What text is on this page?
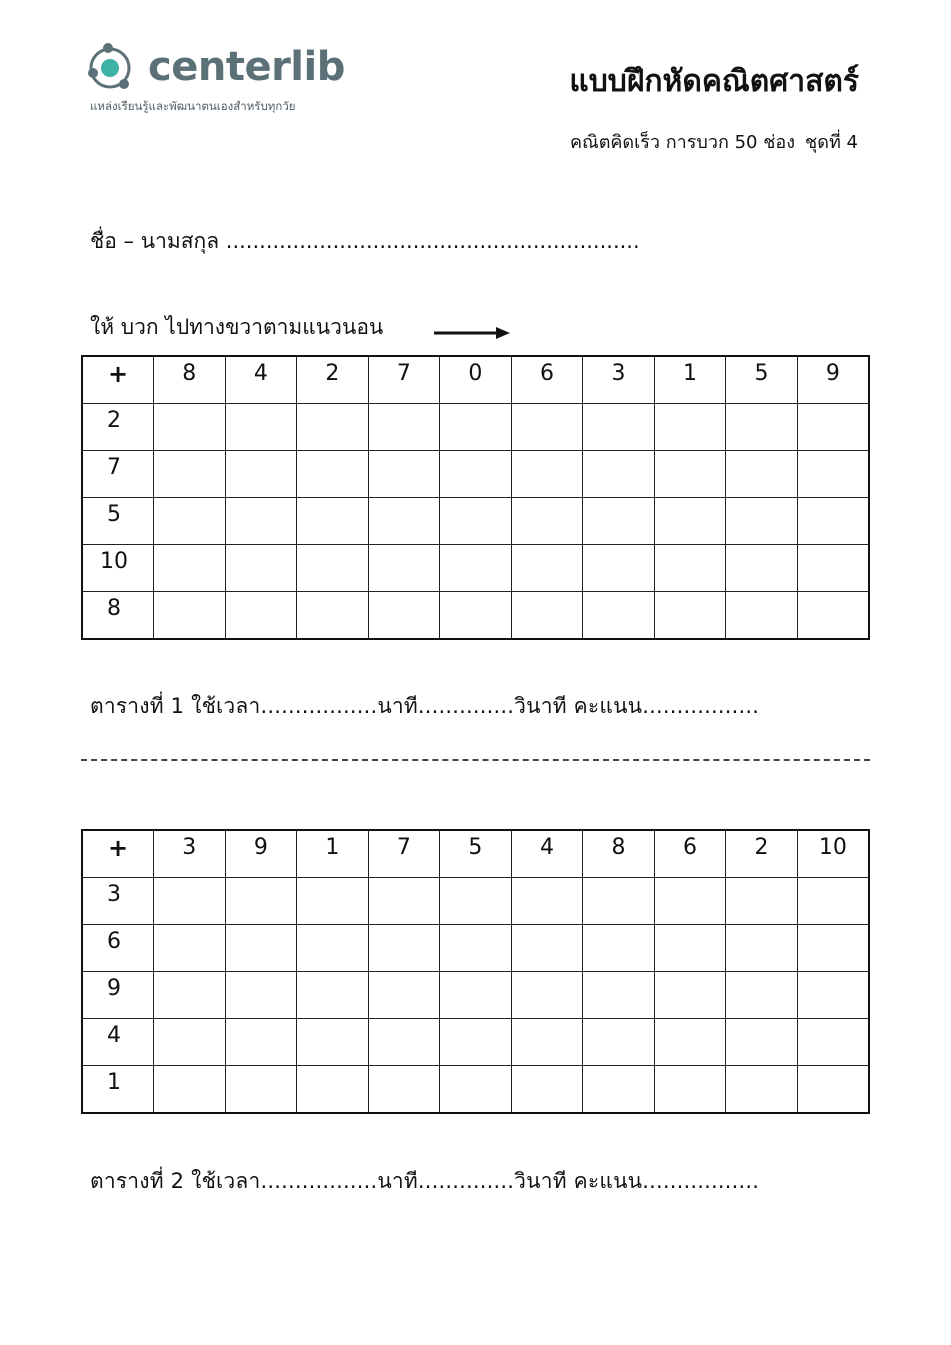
centerlib
แหล่งเรียนรู้และพัฒนาตนเองสำหรับทุกวัย
แบบฝึกหัดคณิตศาสตร์
คณิตคิดเร็ว การบวก 50 ช่อง ชุดที่ 4
ชื่อ – นามสกุล ..............................................................
ให้ บวก ไปทางขวาตามแนวนอน
+	8	4	2	7	0	6	3	1	5	9
2										
7										
5										
10										
8										
ตารางที่ 1 ใช้เวลา.................นาที..............วินาที คะแนน.................
+	3	9	1	7	5	4	8	6	2	10
3										
6										
9										
4										
1										
ตารางที่ 2 ใช้เวลา.................นาที..............วินาที คะแนน.................
